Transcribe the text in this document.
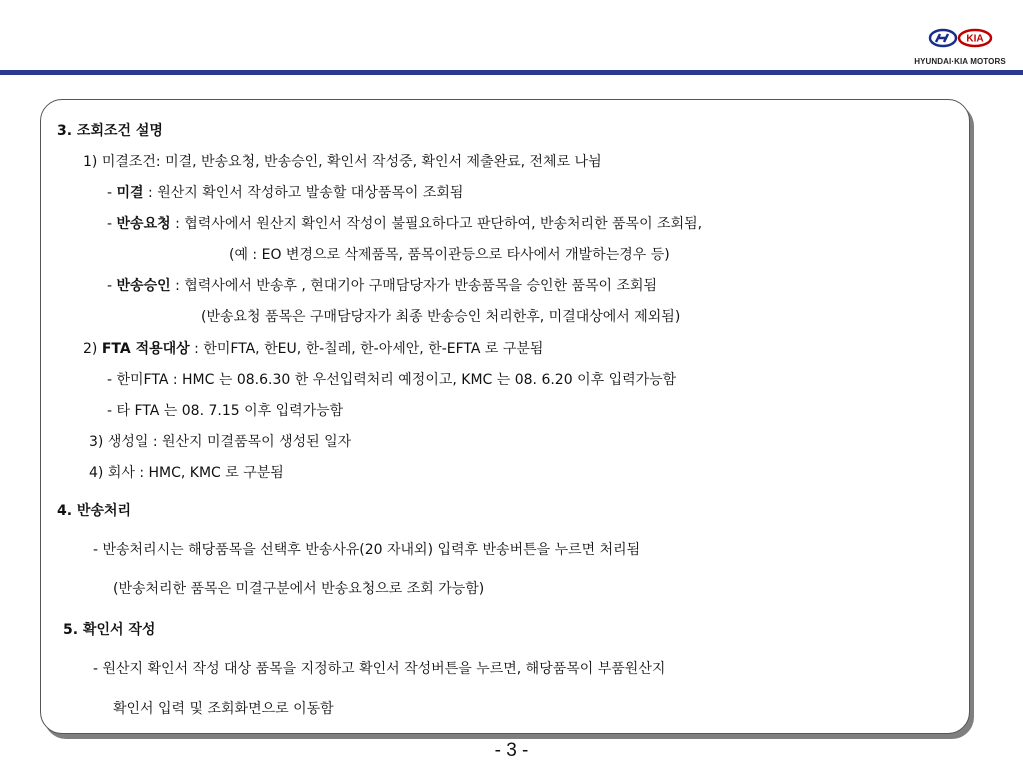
KIA
HYUNDAI·KIA MOTORS
3. 조회조건 설명
1) 미결조건: 미결, 반송요청, 반송승인, 확인서 작성중, 확인서 제출완료, 전체로 나뉨
- 미결 : 원산지 확인서 작성하고 발송할 대상품목이 조회됨
- 반송요청 : 협력사에서 원산지 확인서 작성이 불필요하다고 판단하여, 반송처리한 품목이 조회됨,
(예 : EO 변경으로 삭제품목, 품목이관등으로 타사에서 개발하는경우 등)
- 반송승인 : 협력사에서 반송후 , 현대기아 구매담당자가 반송품목을 승인한 품목이 조회됨
(반송요청 품목은 구매담당자가 최종 반송승인 처리한후, 미결대상에서 제외됨)
2) FTA 적용대상 : 한미FTA, 한EU, 한-칠레, 한-아세안, 한-EFTA 로 구분됨
- 한미FTA : HMC 는 08.6.30 한 우선입력처리 예정이고, KMC 는 08. 6.20 이후 입력가능함
- 타 FTA 는 08. 7.15 이후 입력가능함
3) 생성일 : 원산지 미결품목이 생성된 일자
4) 회사 : HMC, KMC 로 구분됨
4. 반송처리
- 반송처리시는 해당품목을 선택후 반송사유(20 자내외) 입력후 반송버튼을 누르면 처리됨
(반송처리한 품목은 미결구분에서 반송요청으로 조회 가능함)
5. 확인서 작성
- 원산지 확인서 작성 대상 품목을 지정하고 확인서 작성버튼을 누르면, 해당품목이 부품원산지
확인서 입력 및 조회화면으로 이동함
- 3 -
